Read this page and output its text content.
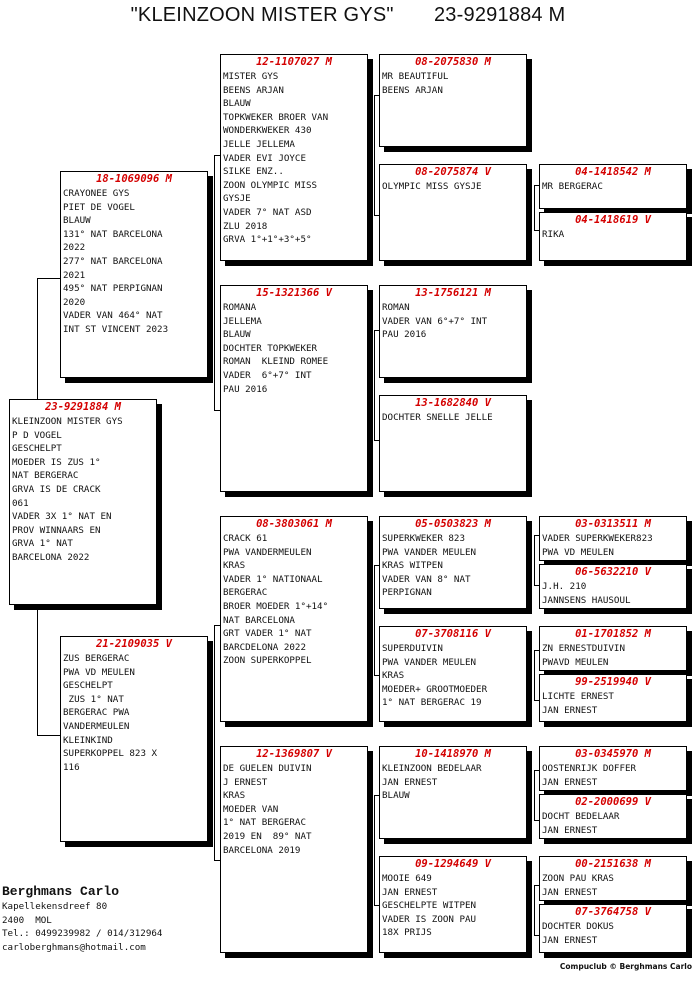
"KLEINZOON MISTER GYS"       23-9291884 M
23-9291884 M
KLEINZOON MISTER GYS
P D VOGEL
GESCHELPT
MOEDER IS ZUS 1°
NAT BERGERAC
GRVA IS DE CRACK
061
VADER 3X 1° NAT EN
PROV WINNAARS EN
GRVA 1° NAT
BARCELONA 2022
18-1069096 M
CRAYONEE GYS
PIET DE VOGEL
BLAUW
131° NAT BARCELONA
2022
277° NAT BARCELONA
2021
495° NAT PERPIGNAN
2020
VADER VAN 464° NAT
INT ST VINCENT 2023
21-2109035 V
ZUS BERGERAC
PWA VD MEULEN
GESCHELPT
ZUS 1° NAT
BERGERAC PWA
VANDERMEULEN
KLEINKIND
SUPERKOPPEL 823 X
116
12-1107027 M
MISTER GYS
BEENS ARJAN
BLAUW
TOPKWEKER BROER VAN
WONDERKWEKER 430
JELLE JELLEMA
VADER EVI JOYCE
SILKE ENZ..
ZOON OLYMPIC MISS
GYSJE
VADER 7° NAT ASD
ZLU 2018
GRVA 1°+1°+3°+5°
15-1321366 V
ROMANA
JELLEMA
BLAUW
DOCHTER TOPKWEKER
ROMAN  KLEIND ROMEE
VADER  6°+7° INT
PAU 2016
08-3803061 M
CRACK 61
PWA VANDERMEULEN
KRAS
VADER 1° NATIONAAL
BERGERAC
BROER MOEDER 1°+14°
NAT BARCELONA
GRT VADER 1° NAT
BARCDELONA 2022
ZOON SUPERKOPPEL
12-1369807 V
DE GUELEN DUIVIN
J ERNEST
KRAS
MOEDER VAN
1° NAT BERGERAC
2019 EN  89° NAT
BARCELONA 2019
08-2075830 M
MR BEAUTIFUL
BEENS ARJAN
08-2075874 V
OLYMPIC MISS GYSJE
13-1756121 M
ROMAN
VADER VAN 6°+7° INT
PAU 2016
13-1682840 V
DOCHTER SNELLE JELLE
05-0503823 M
SUPERKWEKER 823
PWA VANDER MEULEN
KRAS WITPEN
VADER VAN 8° NAT
PERPIGNAN
07-3708116 V
SUPERDUIVIN
PWA VANDER MEULEN
KRAS
MOEDER+ GROOTMOEDER
1° NAT BERGERAC 19
10-1418970 M
KLEINZOON BEDELAAR
JAN ERNEST
BLAUW
09-1294649 V
MOOIE 649
JAN ERNEST
GESCHELPTE WITPEN
VADER IS ZOON PAU
18X PRIJS
04-1418542 M
MR BERGERAC
04-1418619 V
RIKA
03-0313511 M
VADER SUPERKWEKER823
PWA VD MEULEN
06-5632210 V
J.H. 210
JANNSENS HAUSOUL
01-1701852 M
ZN ERNESTDUIVIN
PWAVD MEULEN
99-2519940 V
LICHTE ERNEST
JAN ERNEST
03-0345970 M
OOSTENRIJK DOFFER
JAN ERNEST
02-2000699 V
DOCHT BEDELAAR
JAN ERNEST
00-2151638 M
ZOON PAU KRAS
JAN ERNEST
07-3764758 V
DOCHTER DOKUS
JAN ERNEST
Berghmans Carlo
Kapellekensdreef 80
2400  MOL
Tel.: 0499239982 / 014/312964
carloberghmans@hotmail.com
Compuclub © Berghmans Carlo
